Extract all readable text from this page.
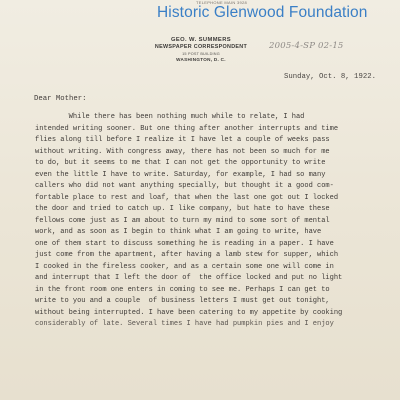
TELEPHONE MAIN 3928
Historic Glenwood Foundation
GEO. W. SUMMERS
NEWSPAPER CORRESPONDENT
15 POST BUILDING
WASHINGTON, D. C.
2005-4-SP 02-15
Sunday, Oct. 8, 1922.
Dear Mother:
While there has been nothing much while to relate, I had
intended writing sooner. But one thing after another interrupts and time
flies along till before I realize it I have let a couple of weeks pass
without writing. With congress away, there has not been so much for me
to do, but it seems to me that I can not get the opportunity to write
even the little I have to write. Saturday, for example, I had so many
callers who did not want anything specially, but thought it a good com-
fortable place to rest and loaf, that when the last one got out I locked
the door and tried to catch up. I like company, but hate to have these
fellows come just as I am about to turn my mind to some sort of mental
work, and as soon as I begin to think what I am going to write, have
one of them start to discuss something he is reading in a paper. I have
just come from the apartment, after having a lamb stew for supper, which
I cooked in the fireless cooker, and as a certain some one will come in
and interrupt that I left the door of  the office locked and put no light
in the front room one enters in coming to see me. Perhaps I can get to
write to you and a couple  of business letters I must get out tonight,
without being interrupted. I have been catering to my appetite by cooking
considerably of late. Several times I have had pumpkin pies and I enjoy
